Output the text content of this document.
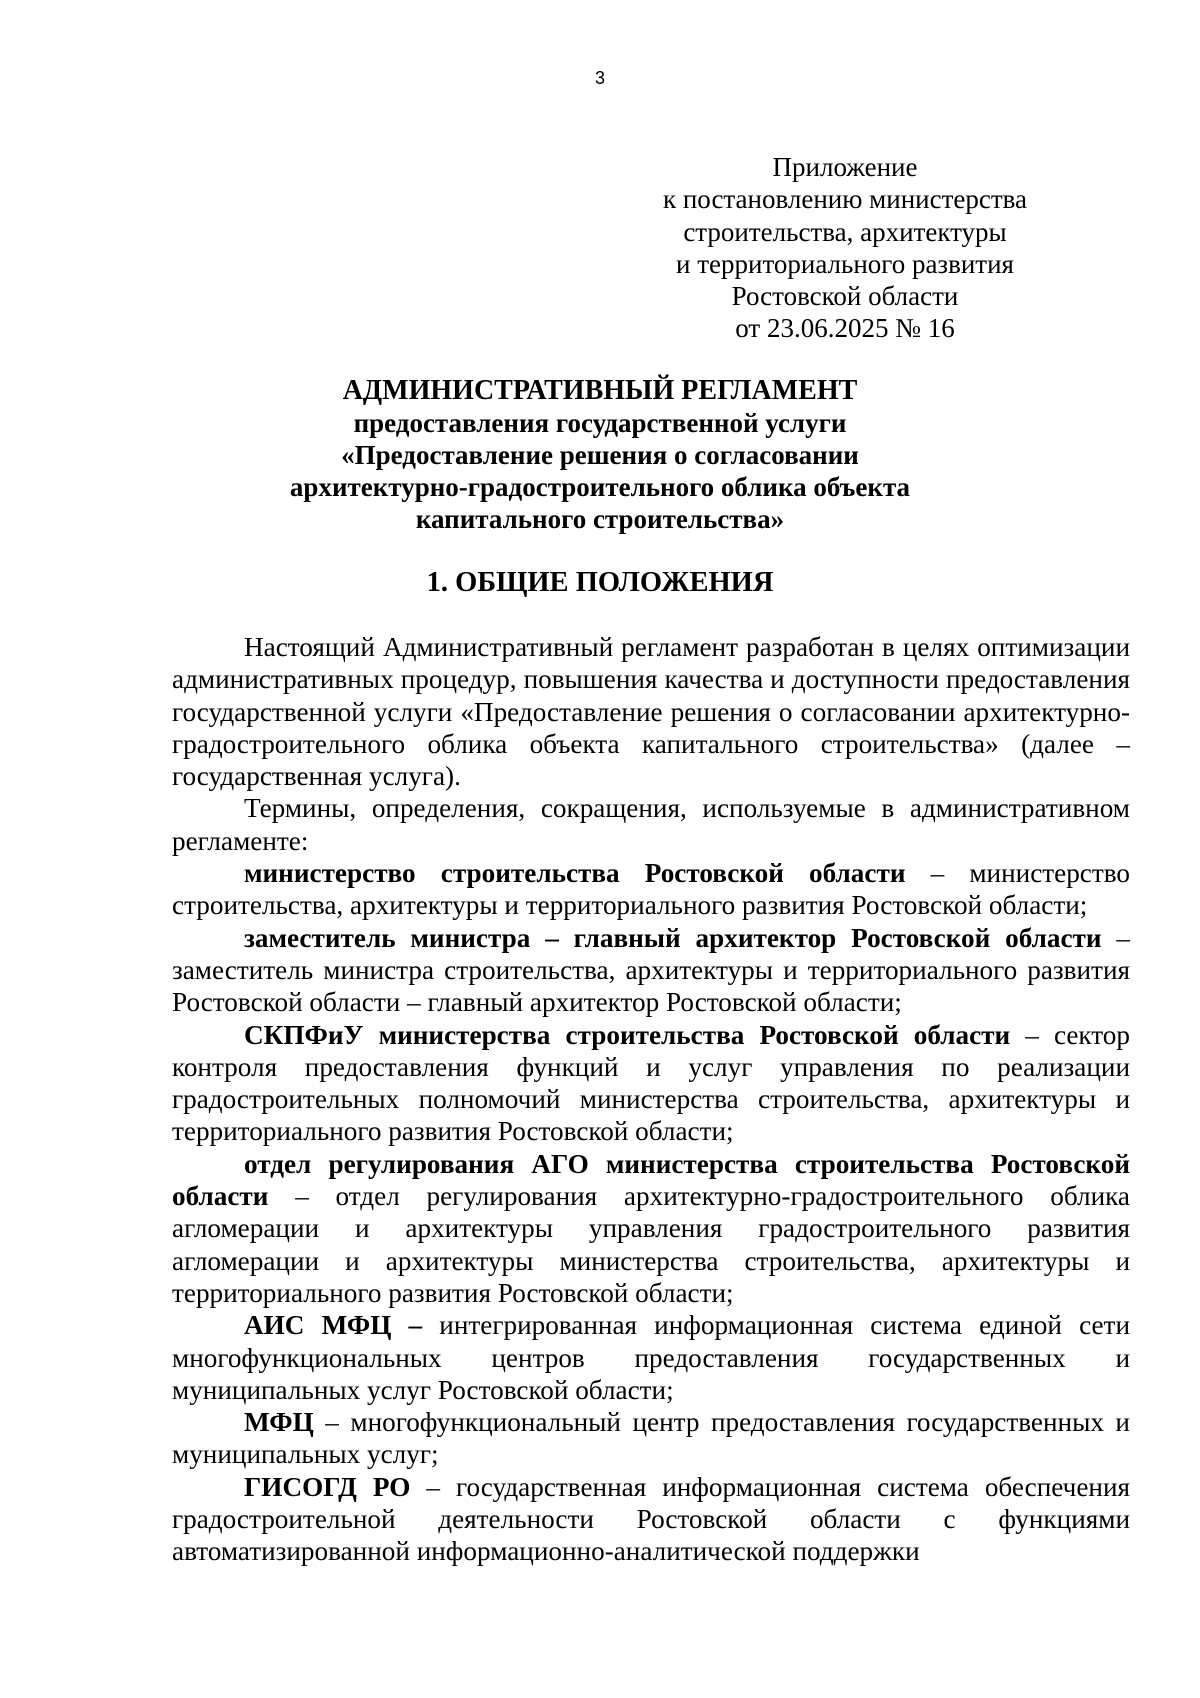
3
Приложение
к постановлению министерства
строительства, архитектуры
и территориального развития
Ростовской области
от 23.06.2025 № 16
АДМИНИСТРАТИВНЫЙ РЕГЛАМЕНТ
предоставления государственной услуги
«Предоставление решения о согласовании
архитектурно-градостроительного облика объекта
капитального строительства»
1. ОБЩИЕ ПОЛОЖЕНИЯ

Настоящий Административный регламент разработан в целях оптимизации административных процедур, повышения качества и доступности предоставления государственной услуги «Предоставление решения о согласовании архитектурно-градостроительного облика объекта капитального строительства» (далее – государственная услуга).

Термины, определения, сокращения, используемые в административном регламенте:

министерство строительства Ростовской области – министерство строительства, архитектуры и территориального развития Ростовской области;

заместитель министра – главный архитектор Ростовской области – заместитель министра строительства, архитектуры и территориального развития Ростовской области – главный архитектор Ростовской области;

СКПФиУ министерства строительства Ростовской области – сектор контроля предоставления функций и услуг управления по реализации градостроительных полномочий министерства строительства, архитектуры и территориального развития Ростовской области;

отдел регулирования АГО министерства строительства Ростовской области – отдел регулирования архитектурно-градостроительного облика агломерации и архитектуры управления градостроительного развития агломерации и архитектуры министерства строительства, архитектуры и территориального развития Ростовской области;

АИС МФЦ – интегрированная информационная система единой сети многофункциональных центров предоставления государственных и муниципальных услуг Ростовской области;

МФЦ – многофункциональный центр предоставления государственных и муниципальных услуг;

ГИСОГД РО – государственная информационная система обеспечения градостроительной деятельности Ростовской области с функциями автоматизированной информационно-аналитической поддержки
